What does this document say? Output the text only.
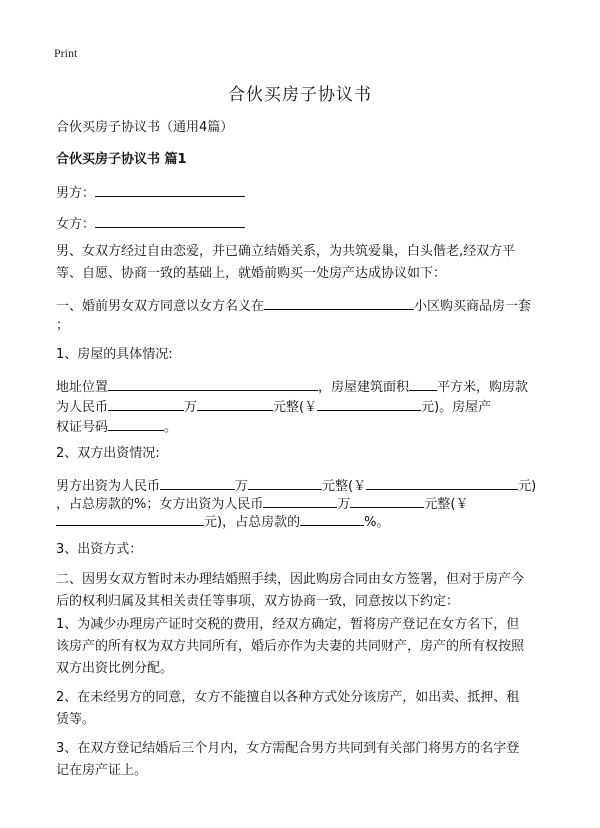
Print
合伙买房子协议书
合伙买房子协议书（通用4篇）
合伙买房子协议书 篇1
男方：
女方：
男、女双方经过自由恋爱，并已确立结婚关系，为共筑爱巢，白头偕老,经双方平
等、自愿、协商一致的基础上，就婚前购买一处房产达成协议如下：
一、婚前男女双方同意以女方名义在	小区购买商品房一套
；
1、房屋的具体情况:
地址位置	，房屋建筑面积 平方米，购房款
为人民币	万	元整(￥	元)。房屋产
权证号码	。
2、双方出资情况:
男方出资为人民币	万	元整(￥	元)
，占总房款的%；女方出资为人民币	万	元整(￥
元)，占总房款的	%。
3、出资方式：
二、因男女双方暂时未办理结婚照手续，因此购房合同由女方签署，但对于房产今
后的权利归属及其相关责任等事项，双方协商一致，同意按以下约定：
1、为减少办理房产证时交税的费用，经双方确定，暂将房产登记在女方名下，但
该房产的所有权为双方共同所有，婚后亦作为夫妻的共同财产，房产的所有权按照
双方出资比例分配。
2、在未经男方的同意，女方不能擅自以各种方式处分该房产，如出卖、抵押、租
赁等。
3、在双方登记结婚后三个月内，女方需配合男方共同到有关部门将男方的名字登
记在房产证上。
